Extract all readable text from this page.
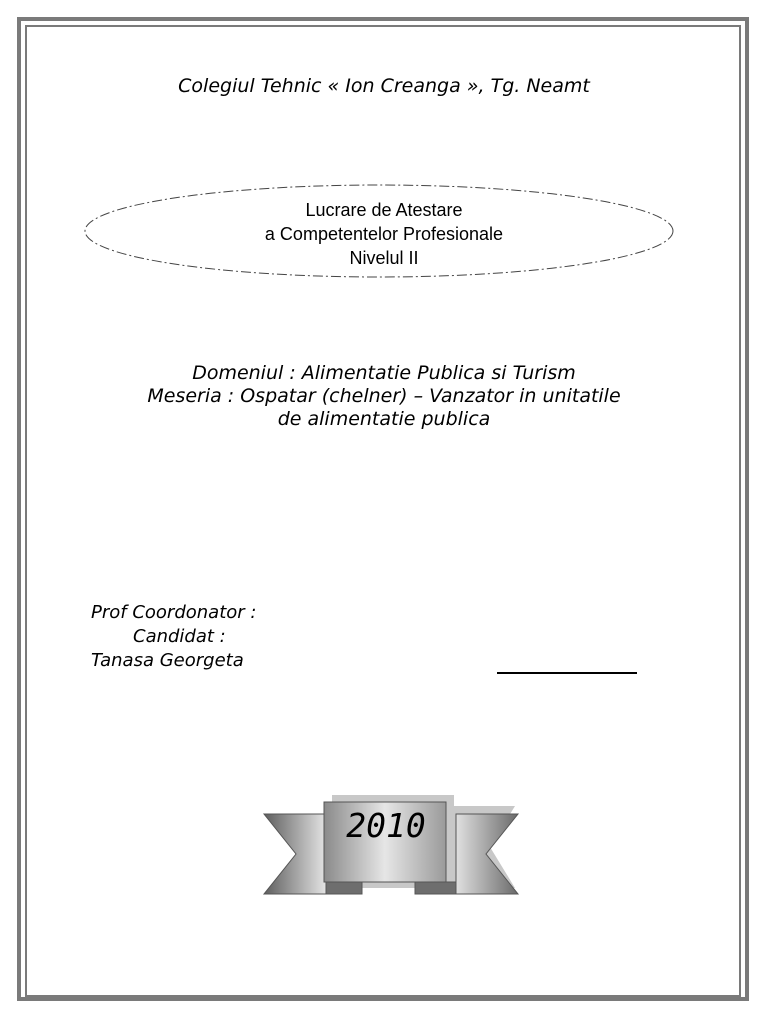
Colegiul Tehnic « Ion Creanga », Tg. Neamt
Lucrare de Atestare
a Competentelor Profesionale
Nivelul II
Domeniul : Alimentatie Publica si Turism
Meseria : Ospatar (chelner) – Vanzator in unitatile
de alimentatie publica
Prof Coordonator :
Candidat :
Tanasa Georgeta
2010
